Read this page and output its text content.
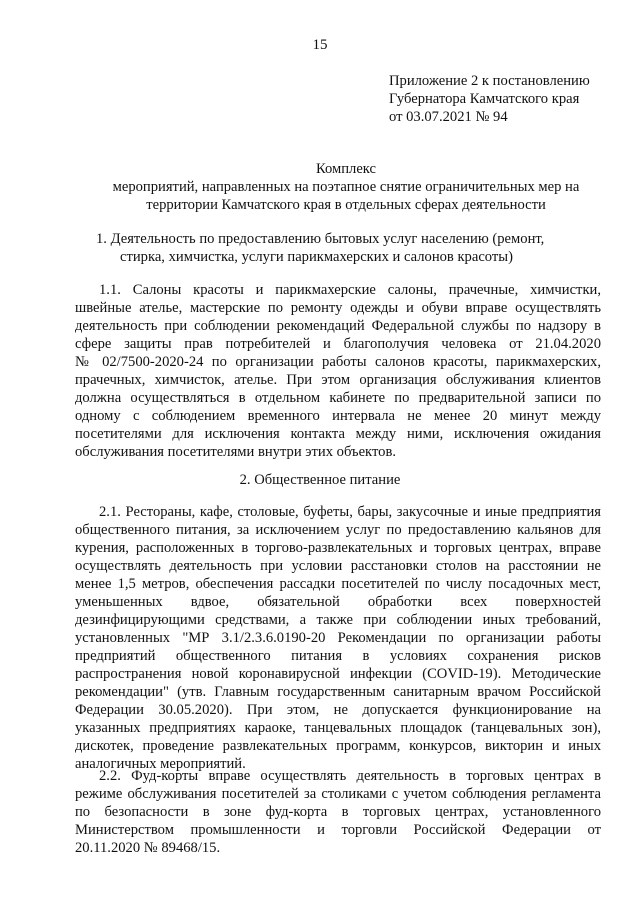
15
Приложение 2 к постановлению
Губернатора Камчатского края
от 03.07.2021 № 94
Комплекс
мероприятий, направленных на поэтапное снятие ограничительных мер на
территории Камчатского края в отдельных сферах деятельности
1. Деятельность по предоставлению бытовых услуг населению (ремонт,
стирка, химчистка, услуги парикмахерских и салонов красоты)
1.1. Салоны красоты и парикмахерские салоны, прачечные, химчистки,
швейные ателье, мастерские по ремонту одежды и обуви вправе осуществлять
деятельность при соблюдении рекомендаций Федеральной службы по надзору в
сфере защиты прав потребителей и благополучия человека от 21.04.2020
№ 02/7500-2020-24 по организации работы салонов красоты, парикмахерских,
прачечных, химчисток, ателье. При этом организация обслуживания клиентов
должна осуществляться в отдельном кабинете по предварительной записи по
одному с соблюдением временного интервала не менее 20 минут между
посетителями для исключения контакта между ними, исключения ожидания
обслуживания посетителями внутри этих объектов.
2. Общественное питание
2.1. Рестораны, кафе, столовые, буфеты, бары, закусочные и иные предприятия
общественного питания, за исключением услуг по предоставлению кальянов для
курения, расположенных в торгово-развлекательных и торговых центрах, вправе
осуществлять деятельность при условии расстановки столов на расстоянии не
менее 1,5 метров, обеспечения рассадки посетителей по числу посадочных мест,
уменьшенных вдвое, обязательной обработки всех поверхностей
дезинфицирующими средствами, а также при соблюдении иных требований,
установленных "МР 3.1/2.3.6.0190-20 Рекомендации по организации работы
предприятий общественного питания в условиях сохранения рисков
распространения новой коронавирусной инфекции (COVID-19). Методические
рекомендации" (утв. Главным государственным санитарным врачом Российской
Федерации 30.05.2020). При этом, не допускается функционирование на
указанных предприятиях караоке, танцевальных площадок (танцевальных зон),
дискотек, проведение развлекательных программ, конкурсов, викторин и иных
аналогичных мероприятий.
2.2. Фуд-корты вправе осуществлять деятельность в торговых центрах в
режиме обслуживания посетителей за столиками с учетом соблюдения регламента
по безопасности в зоне фуд-корта в торговых центрах, установленного
Министерством промышленности и торговли Российской Федерации от
20.11.2020 № 89468/15.
